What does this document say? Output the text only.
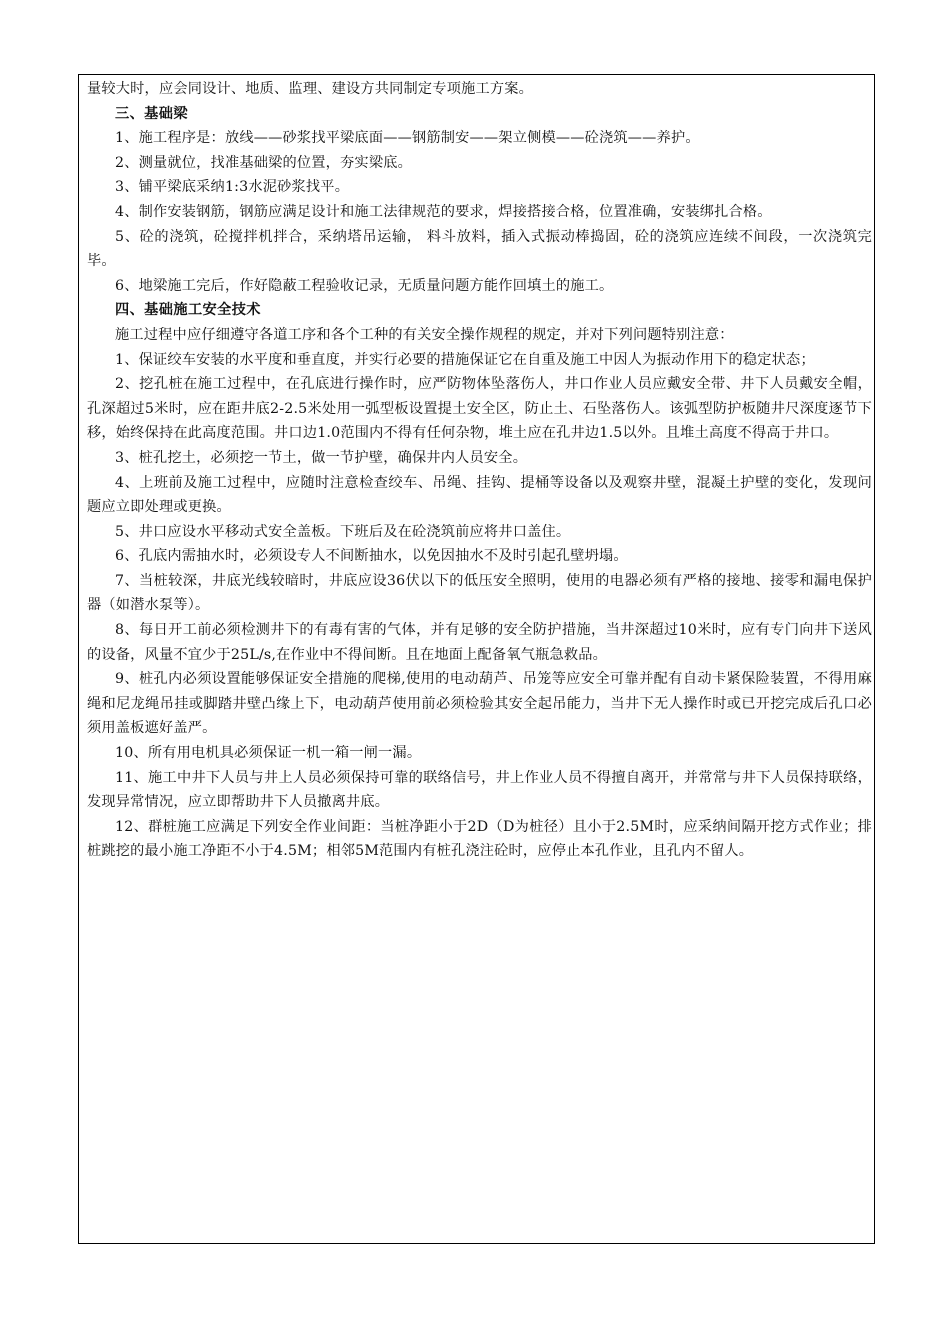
量较大时，应会同设计、地质、监理、建设方共同制定专项施工方案。

三、基础梁

1、施工程序是：放线——砂浆找平梁底面——钢筋制安——架立侧模——砼浇筑——养护。

2、测量就位，找准基础梁的位置，夯实梁底。

3、铺平梁底采纳1:3水泥砂浆找平。

4、制作安装钢筋，钢筋应满足设计和施工法律规范的要求，焊接搭接合格，位置准确，安装绑扎合格。

5、砼的浇筑，砼搅拌机拌合，采纳塔吊运输， 料斗放料，插入式振动棒捣固，砼的浇筑应连续不间段，一次浇筑完毕。

6、地梁施工完后，作好隐蔽工程验收记录，无质量问题方能作回填土的施工。

四、基础施工安全技术

施工过程中应仔细遵守各道工序和各个工种的有关安全操作规程的规定，并对下列问题特别注意：

1、保证绞车安装的水平度和垂直度，并实行必要的措施保证它在自重及施工中因人为振动作用下的稳定状态；

2、挖孔桩在施工过程中，在孔底进行操作时，应严防物体坠落伤人，井口作业人员应戴安全带、井下人员戴安全帽，孔深超过5米时，应在距井底2-2.5米处用一弧型板设置提土安全区，防止土、石坠落伤人。该弧型防护板随井尺深度逐节下移，始终保持在此高度范围。井口边1.0范围内不得有任何杂物，堆土应在孔井边1.5以外。且堆土高度不得高于井口。

3、桩孔挖土，必须挖一节土，做一节护壁，确保井内人员安全。

4、上班前及施工过程中，应随时注意检查绞车、吊绳、挂钩、提桶等设备以及观察井壁，混凝土护壁的变化，发现问题应立即处理或更换。

5、井口应设水平移动式安全盖板。下班后及在砼浇筑前应将井口盖住。

6、孔底内需抽水时，必须设专人不间断抽水，以免因抽水不及时引起孔壁坍塌。

7、当桩较深，井底光线较暗时，井底应设36伏以下的低压安全照明，使用的电器必须有严格的接地、接零和漏电保护器（如潜水泵等）。

8、每日开工前必须检测井下的有毒有害的气体，并有足够的安全防护措施，当井深超过10米时，应有专门向井下送风的设备，风量不宜少于25L/s,在作业中不得间断。且在地面上配备氧气瓶急救品。

9、桩孔内必须设置能够保证安全措施的爬梯,使用的电动葫芦、吊笼等应安全可靠并配有自动卡紧保险装置，不得用麻绳和尼龙绳吊挂或脚踏井壁凸缘上下，电动葫芦使用前必须检验其安全起吊能力，当井下无人操作时或已开挖完成后孔口必须用盖板遮好盖严。

10、所有用电机具必须保证一机一箱一闸一漏。

11、施工中井下人员与井上人员必须保持可靠的联络信号，井上作业人员不得擅自离开，并常常与井下人员保持联络，发现异常情况，应立即帮助井下人员撤离井底。

12、群桩施工应满足下列安全作业间距：当桩净距小于2D（D为桩径）且小于2.5M时，应采纳间隔开挖方式作业；排桩跳挖的最小施工净距不小于4.5M；相邻5M范围内有桩孔浇注砼时，应停止本孔作业，且孔内不留人。
